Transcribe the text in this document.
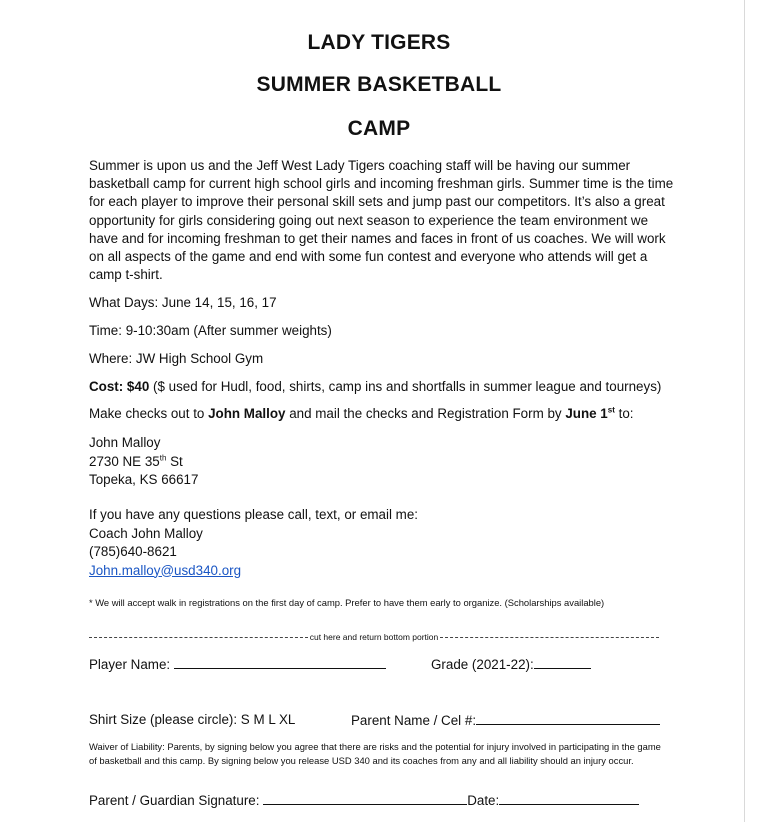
LADY TIGERS
SUMMER BASKETBALL
CAMP

Summer is upon us and the Jeff West Lady Tigers coaching staff will be having our summer basketball camp for current high school girls and incoming freshman girls. Summer time is the time for each player to improve their personal skill sets and jump past our competitors. It’s also a great opportunity for girls considering going out next season to experience the team environment we have and for incoming freshman to get their names and faces in front of us coaches. We will work on all aspects of the game and end with some fun contest and everyone who attends will get a camp t-shirt.

What Days: June 14, 15, 16, 17
Time: 9-10:30am (After summer weights)
Where: JW High School Gym
Cost: $40 ($ used for Hudl, food, shirts, camp ins and shortfalls in summer league and tourneys)
Make checks out to John Malloy and mail the checks and Registration Form by June 1st to:
John Malloy
2730 NE 35th St
Topeka, KS 66617
If you have any questions please call, text, or email me:
Coach John Malloy
(785)640-8621
John.malloy@usd340.org
* We will accept walk in registrations on the first day of camp. Prefer to have them early to organize. (Scholarships available)
cut here and return bottom portion
Player Name:	Grade (2021-22):
Shirt Size (please circle): S M L XL	Parent Name / Cel #:

Waiver of Liability: Parents, by signing below you agree that there are risks and the potential for injury involved in participating in the game of basketball and this camp. By signing below you release USD 340 and its coaches from any and all liability should an injury occur.

Parent / Guardian Signature:	Date:
